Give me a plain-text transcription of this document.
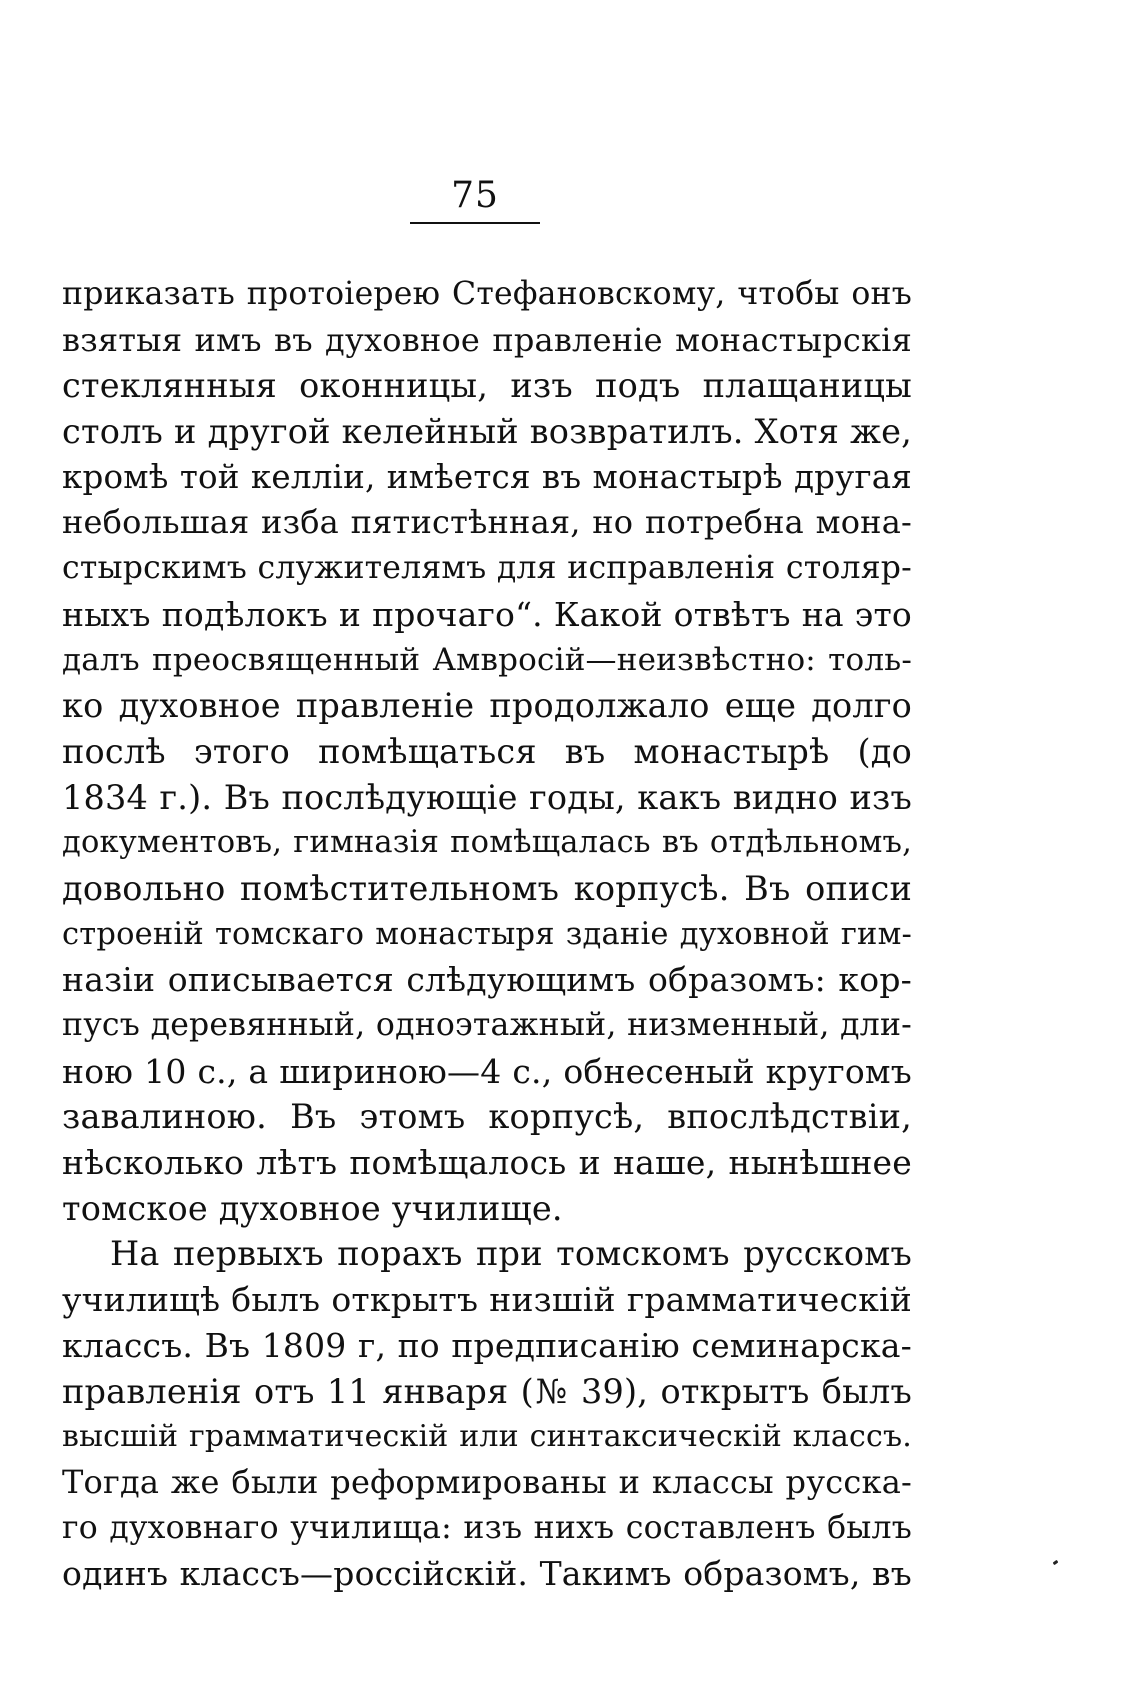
75
приказать протоіерею Стефановскому, чтобы онъ
взятыя имъ въ духовное правленіе монастырскія
стеклянныя оконницы, изъ подъ плащаницы
столъ и другой келейный возвратилъ. Хотя же,
кромѣ той келліи, имѣется въ монастырѣ другая
небольшая изба пятистѣнная, но потребна мона-
стырскимъ служителямъ для исправленія столяр-
ныхъ подѣлокъ и прочаго“. Какой отвѣтъ на это
далъ преосвященный Амвросій—неизвѣстно: толь-
ко духовное правленіе продолжало еще долго
послѣ этого помѣщаться въ монастырѣ (до
1834 г.). Въ послѣдующіе годы, какъ видно изъ
документовъ, гимназія помѣщалась въ отдѣльномъ,
довольно помѣстительномъ корпусѣ. Въ описи
строеній томскаго монастыря зданіе духовной гим-
назіи описывается слѣдующимъ образомъ: кор-
пусъ деревянный, одноэтажный, низменный, дли-
ною 10 с., а шириною—4 с., обнесеный кругомъ
завалиною. Въ этомъ корпусѣ, впослѣдствіи,
нѣсколько лѣтъ помѣщалось и наше, нынѣшнее
томское духовное училище.
На первыхъ порахъ при томскомъ русскомъ
училищѣ былъ открытъ низшій грамматическій
классъ. Въ 1809 г, по предписанію семинарска-
правленія отъ 11 января (№ 39), открытъ былъ
высшій грамматическій или синтаксическій классъ.
Тогда же были реформированы и классы русска-
го духовнаго училища: изъ нихъ составленъ былъ
одинъ классъ—россійскій. Такимъ образомъ, въ
